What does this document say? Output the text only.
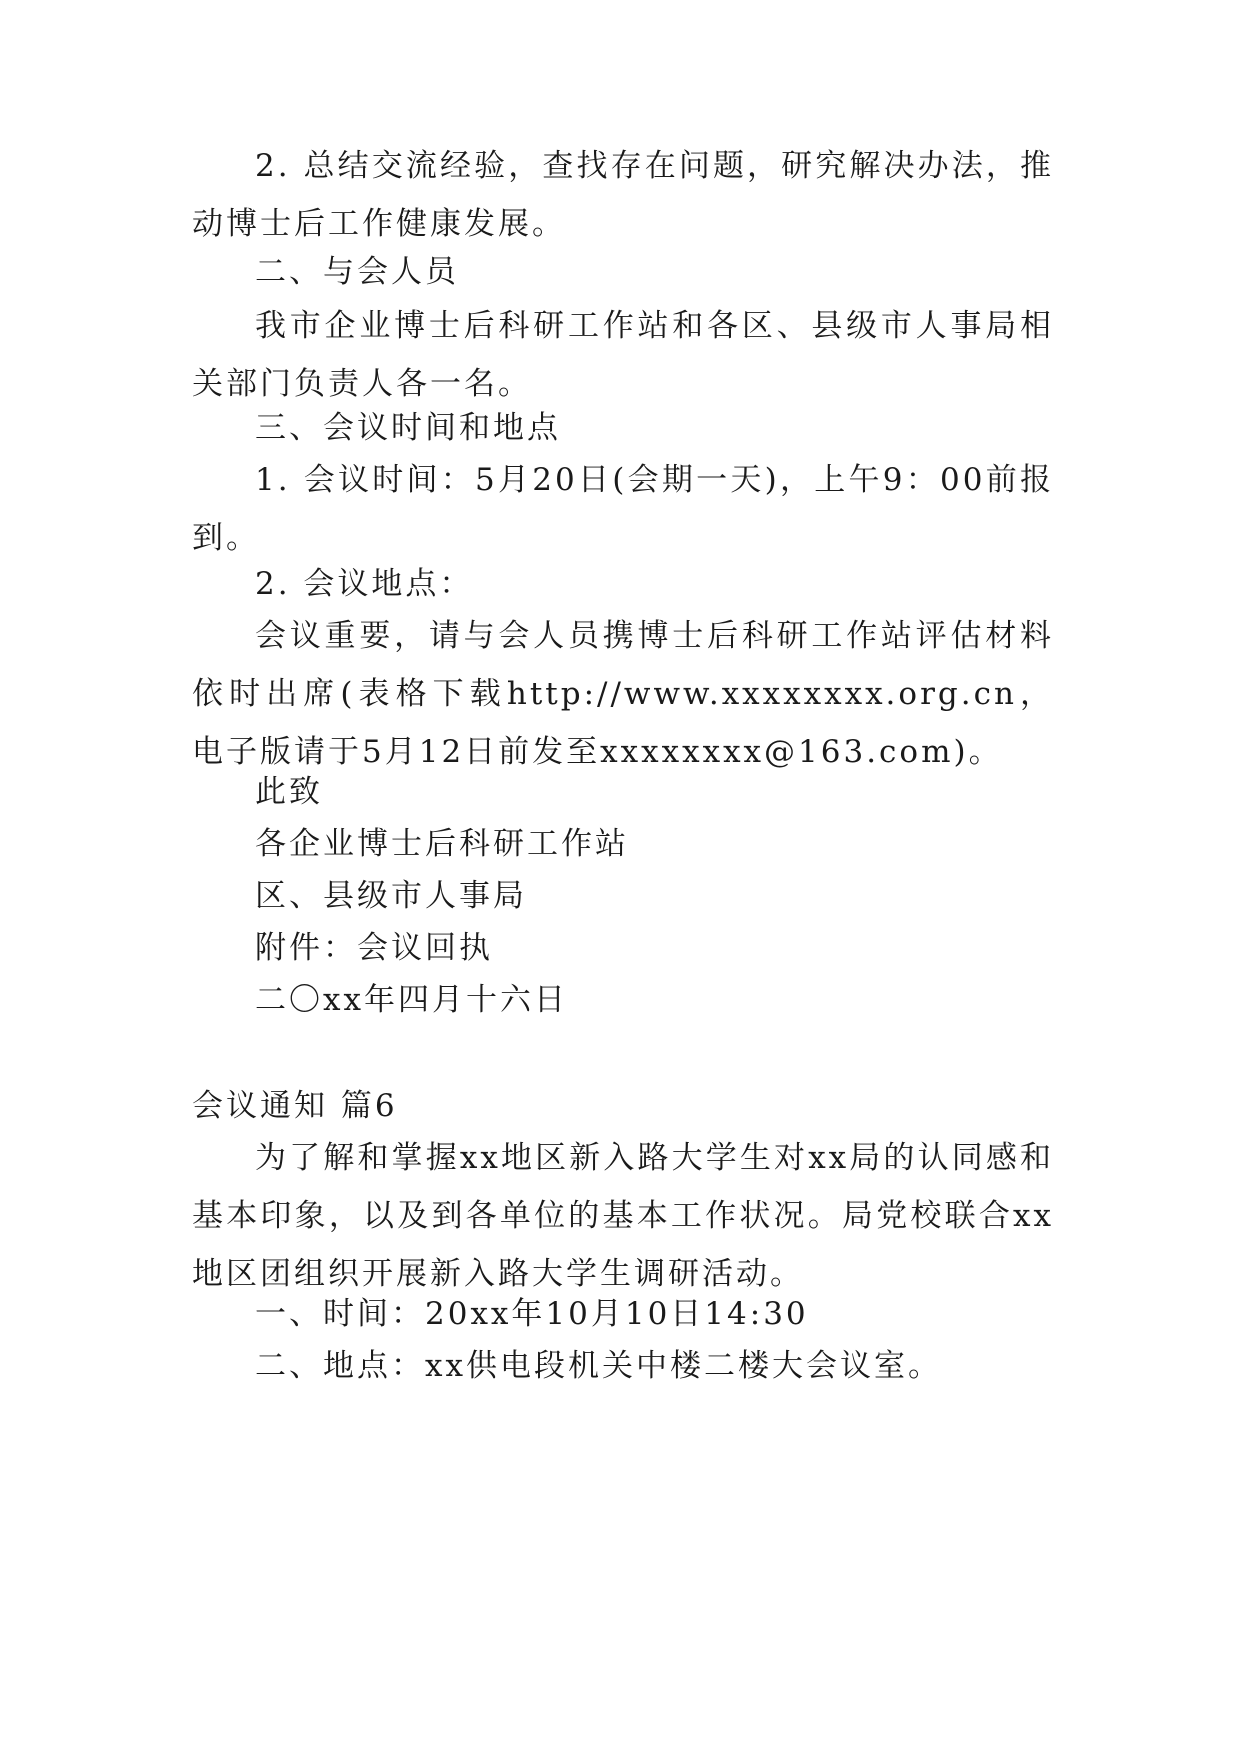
2. 总结交流经验，查找存在问题，研究解决办法，推动博士后工作健康发展。

二、与会人员

我市企业博士后科研工作站和各区、县级市人事局相关部门负责人各一名。

三、会议时间和地点

1. 会议时间：5月20日(会期一天)，上午9：00前报到。

2. 会议地点：

会议重要，请与会人员携博士后科研工作站评估材料依时出席(表格下载http://www.xxxxxxxx.org.cn，电子版请于5月12日前发至xxxxxxxx@163.com)。

此致

各企业博士后科研工作站

区、县级市人事局

附件：会议回执

二〇xx年四月十六日

会议通知 篇6

为了解和掌握xx地区新入路大学生对xx局的认同感和基本印象，以及到各单位的基本工作状况。局党校联合xx地区团组织开展新入路大学生调研活动。

一、时间：20xx年10月10日14:30

二、地点：xx供电段机关中楼二楼大会议室。
